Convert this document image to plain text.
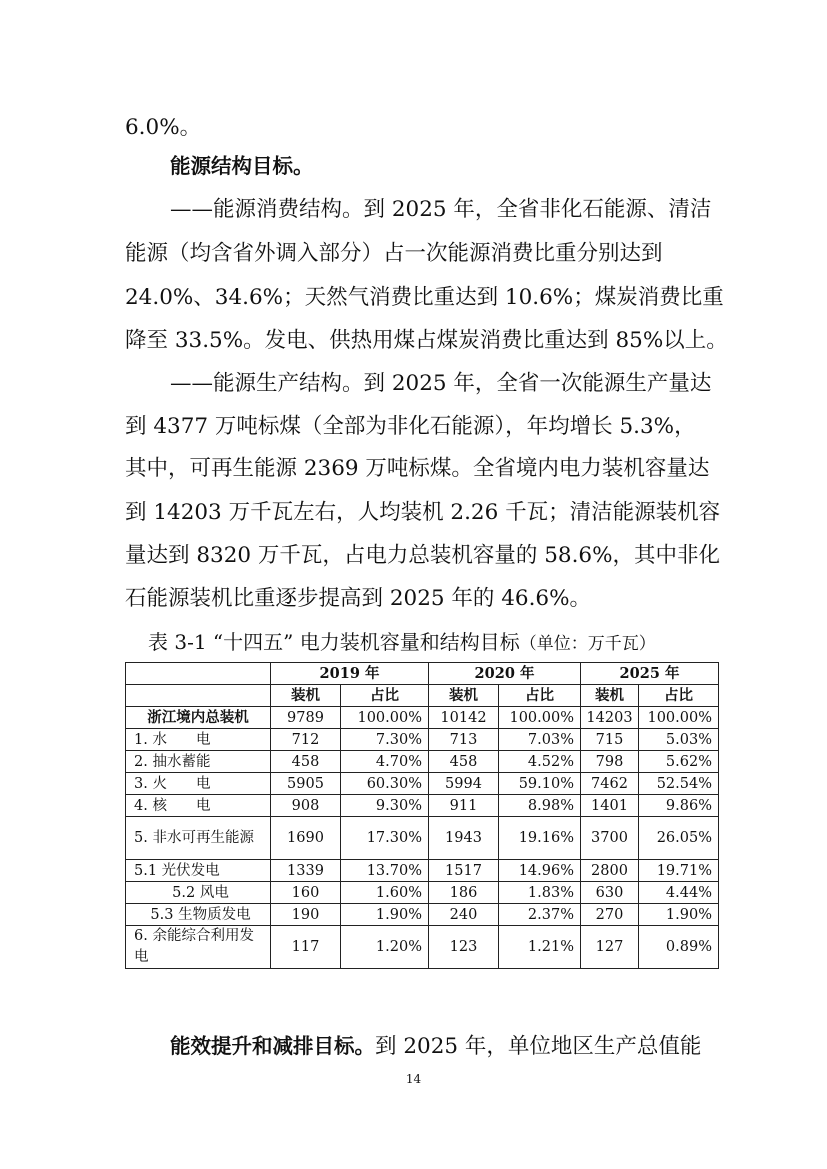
6.0%。
能源结构目标。
——能源消费结构。到 2025 年，全省非化石能源、清洁
能源（均含省外调入部分）占一次能源消费比重分别达到
24.0%、34.6%；天然气消费比重达到 10.6%；煤炭消费比重
降至 33.5%。发电、供热用煤占煤炭消费比重达到 85%以上。
——能源生产结构。到 2025 年，全省一次能源生产量达
到 4377 万吨标煤（全部为非化石能源），年均增长 5.3%，
其中，可再生能源 2369 万吨标煤。全省境内电力装机容量达
到 14203 万千瓦左右，人均装机 2.26 千瓦；清洁能源装机容
量达到 8320 万千瓦，占电力总装机容量的 58.6%，其中非化
石能源装机比重逐步提高到 2025 年的 46.6%。
表 3-1 “十四五” 电力装机容量和结构目标（单位：万千瓦）
	2019 年		2020 年		2025 年	
	装机	占比	装机	占比	装机	占比
浙江境内总装机	9789	100.00%	10142	100.00%	14203	100.00%
1. 水　　电	712	7.30%	713	7.03%	715	5.03%
2. 抽水蓄能	458	4.70%	458	4.52%	798	5.62%
3. 火　　电	5905	60.30%	5994	59.10%	7462	52.54%
4. 核　　电	908	9.30%	911	8.98%	1401	9.86%
5. 非水可再生能源	1690	17.30%	1943	19.16%	3700	26.05%
5.1 光伏发电	1339	13.70%	1517	14.96%	2800	19.71%
5.2 风电	160	1.60%	186	1.83%	630	4.44%
5.3 生物质发电	190	1.90%	240	2.37%	270	1.90%
6. 余能综合利用发电	117	1.20%	123	1.21%	127	0.89%
能效提升和减排目标。到 2025 年，单位地区生产总值能
14
